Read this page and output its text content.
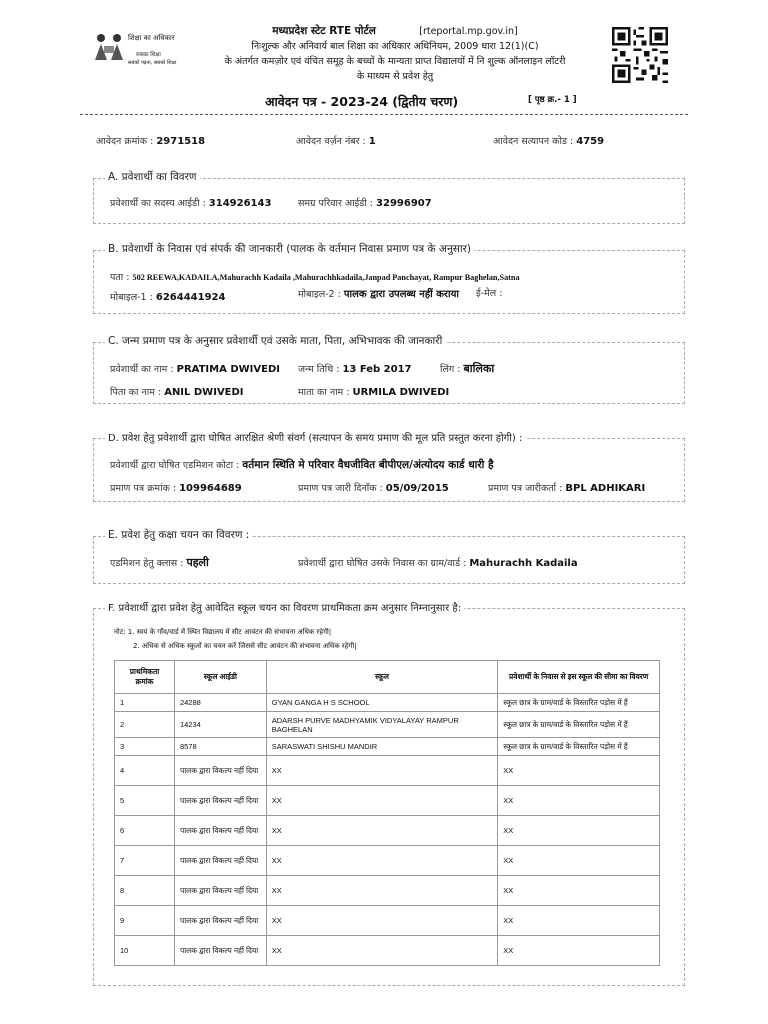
शिक्षा का अधिकार
सबका शिक्षा
सबको पढ़ना, सबको शिक्षा
मध्यप्रदेश स्टेट RTE पोर्टल	[rteportal.mp.gov.in]
निःशुल्क और अनिवार्य बाल शिक्षा का अधिकार अधिनियम, 2009 धारा 12(1)(C)
के अंतर्गत कमज़ोर एवं वंचित समूह के बच्चों के मान्यता प्राप्त विद्यालयों में नि शुल्क ऑनलाइन लॉटरी
के माध्यम से प्रवेश हेतु
आवेदन पत्र - 2023-24 (द्वितीय चरण)	[ पृष्ठ क्र.- 1 ]
आवेदन क्रमांक : 2971518	आवेदन वर्ज़न नंबर : 1	आवेदन सत्यापन कोड : 4759
A. प्रवेशार्थी का विवरण
प्रवेशार्थी का सदस्य आईडी : 314926143	समग्र परिवार आईडी : 32996907
B. प्रवेशार्थी के निवास एवं संपर्क की जानकारी (पालक के वर्तमान निवास प्रमाण पत्र के अनुसार)
पता : 502 REEWA,KADAILA,Mahurachh Kadaila ,Mahurachhkadaila,Janpad Panchayat, Rampur Baghelan,Satna
मोबाइल-1 : 6264441924	मोबाइल-2 : पालक द्वारा उपलब्ध नहीं कराया ई-मेल :
C. जन्म प्रमाण पत्र के अनुसार प्रवेशार्थी एवं उसके माता, पिता, अभिभावक की जानकारी
प्रवेशार्थी का नाम : PRATIMA DWIVEDI जन्म तिथि : 13 Feb 2017	लिंग : बालिका
पिता का नाम : ANIL DWIVEDI	माता का नाम : URMILA DWIVEDI
D. प्रवेश हेतु प्रवेशार्थी द्वारा घोषित आरक्षित श्रेणी संवर्ग (सत्यापन के समय प्रमाण की मूल प्रति प्रस्तुत करना होगी) :
प्रवेशार्थी द्वारा घोषित एडमिशन कोटा : वर्तमान स्थिति मे परिवार वैधजीवित बीपीएल/अंत्योदय कार्ड धारी है
प्रमाण पत्र क्रमांक : 109964689	प्रमाण पत्र जारी दिनाँक : 05/09/2015	प्रमाण पत्र जारीकर्ता : BPL ADHIKARI
E. प्रवेश हेतु कक्षा चयन का विवरण :
एडमिशन हेतु क्लास : पहली	प्रवेशार्थी द्वारा घोषित उसके निवास का ग्राम/वार्ड : Mahurachh Kadaila
F. प्रवेशार्थी द्वारा प्रवेश हेतु आवेदित स्कूल चयन का विवरण प्राथमिकता क्रम अनुसार निम्नानुसार है:
नोट: 1. स्वयं के गाँव/वार्ड में स्थित विद्यालय में सीट आवंटन की संभावना अधिक रहेगी|
2. अधिक से अधिक स्कूलों का चयन करें जिससे सीट आवंटन की संभावना अधिक रहेगी|
प्राथमिकता क्रमांक	स्कूल आईडी	स्कूल	प्रवेशार्थी के निवास से इस स्कूल की सीमा का विवरण
1	24288	GYAN GANGA H S SCHOOL	स्कूल छात्र के ग्राम/वार्ड के विस्तारित पड़ोस में हैं
2	14234	ADARSH PURVE MADHYAMIK VIDYALAYAY RAMPUR BAGHELAN	स्कूल छात्र के ग्राम/वार्ड के विस्तारित पड़ोस में हैं
3	8578	SARASWATI SHISHU MANDIR	स्कूल छात्र के ग्राम/वार्ड के विस्तारित पड़ोस में हैं
4	पालक द्वारा विकल्प नहीं दिया	XX	XX
5	पालक द्वारा विकल्प नहीं दिया	XX	XX
6	पालक द्वारा विकल्प नहीं दिया	XX	XX
7	पालक द्वारा विकल्प नहीं दिया	XX	XX
8	पालक द्वारा विकल्प नहीं दिया	XX	XX
9	पालक द्वारा विकल्प नहीं दिया	XX	XX
10	पालक द्वारा विकल्प नहीं दिया	XX	XX
